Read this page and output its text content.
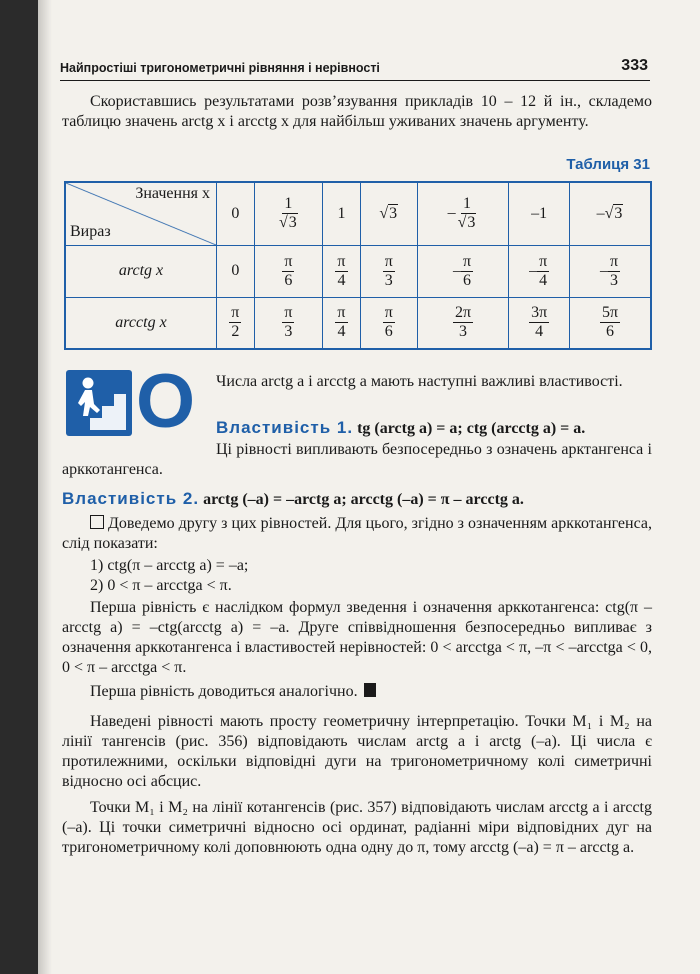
Найпростіші тригонометричні рівняння і нерівності	333
Скориставшись результатами розв’язування прикладів 10 – 12 й ін., складемо таблицю значень arctg x і arcctg x для найбільш уживаних значень аргументу.
Таблиця 31
Значення x
Вираз	0	$\frac{1}{√3}$	1	√3	– $\frac{1}{√3}$	–1	–√3
arctg x	0	$\frac{\pi}{6}$	$\frac{\pi}{4}$	$\frac{\pi}{3}$	– $\frac{\pi}{6}$	– $\frac{\pi}{4}$	– $\frac{\pi}{3}$

arcctg x	$\frac{\pi}{2}$	$\frac{\pi}{3}$	$\frac{\pi}{4}$	$\frac{\pi}{6}$	$\frac{2\pi}{3}$	$\frac{3\pi}{4}$	$\frac{5\pi}{6}$
O Числа arctg a і arcctg a мають наступні важливі властивості.
Властивість 1. tg (arctg a) = a; ctg (arcctg a) = a.
Ці рівності випливають безпосередньо з означень арктангенса і арккотангенса.
Властивість 2. arctg (–a) = –arctg a; arcctg (–a) = π – arcctg a.
Доведемо другу з цих рівностей. Для цього, згідно з означенням арккотангенса, слід показати:
1) ctg(π – arcctg a) = –a;
2) 0 < π – arcctga < π.
Перша рівність є наслідком формул зведення і означення арккотангенса: ctg(π – arcctg a) = –ctg(arcctg a) = –a. Друге співвідношення безпосередньо випливає з означення арккотангенса і властивостей нерівностей: 0 < arcctga < π, –π < –arcctga < 0, 0 < π – arcctga < π.
Перша рівність доводиться аналогічно.
Наведені рівності мають просту геометричну інтерпретацію. Точки M₁ і M₂ на лінії тангенсів (рис. 356) відповідають числам arctg a і arctg (–a). Ці числа є протилежними, оскільки відповідні дуги на тригонометричному колі симетричні відносно осі абсцис.
Точки M₁ і M₂ на лінії котангенсів (рис. 357) відповідають числам arcctg a і arcctg (–a). Ці точки симетричні відносно осі ординат, радіанні міри відповідних дуг на тригонометричному колі доповнюють одна одну до π, тому arcctg (–a) = π – arcctg a.
